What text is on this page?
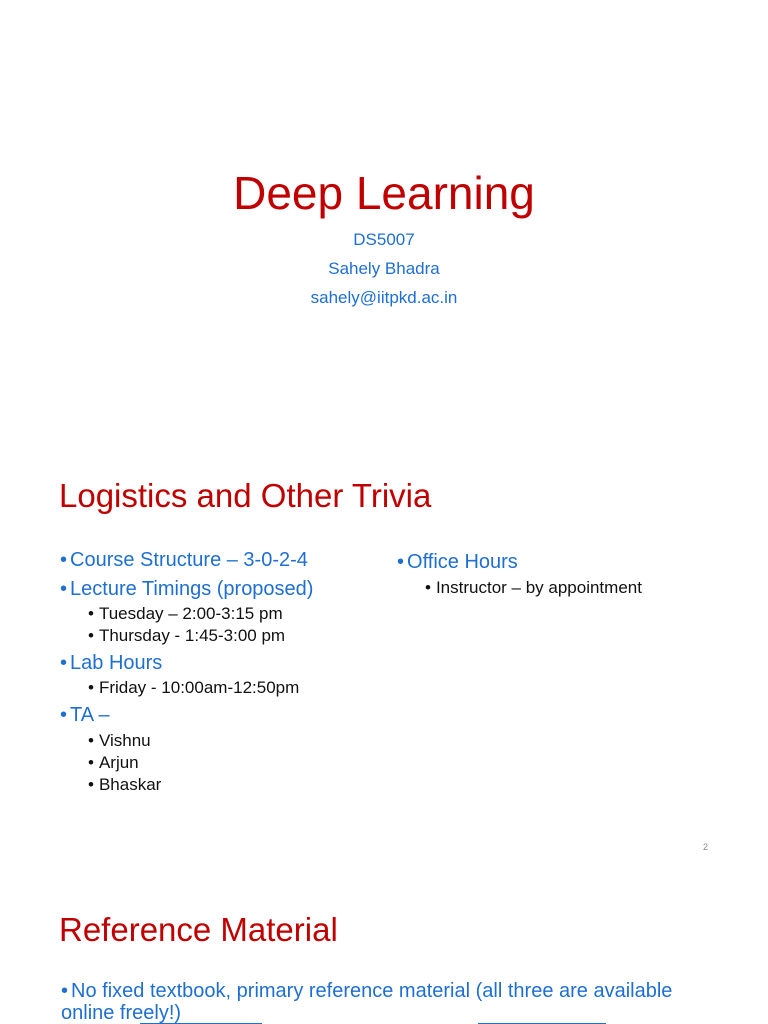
Deep Learning
DS5007
Sahely Bhadra
sahely@iitpkd.ac.in
Logistics and Other Trivia
• Course Structure – 3-0-2-4
• Lecture Timings (proposed)
• Tuesday – 2:00-3:15 pm
• Thursday - 1:45-3:00 pm
• Lab Hours
• Friday - 10:00am-12:50pm
• TA –
• Vishnu
• Arjun
• Bhaskar
• Office Hours
• Instructor – by appointment
2
Reference Material
• No fixed textbook, primary reference material (all three are available online freely!)
